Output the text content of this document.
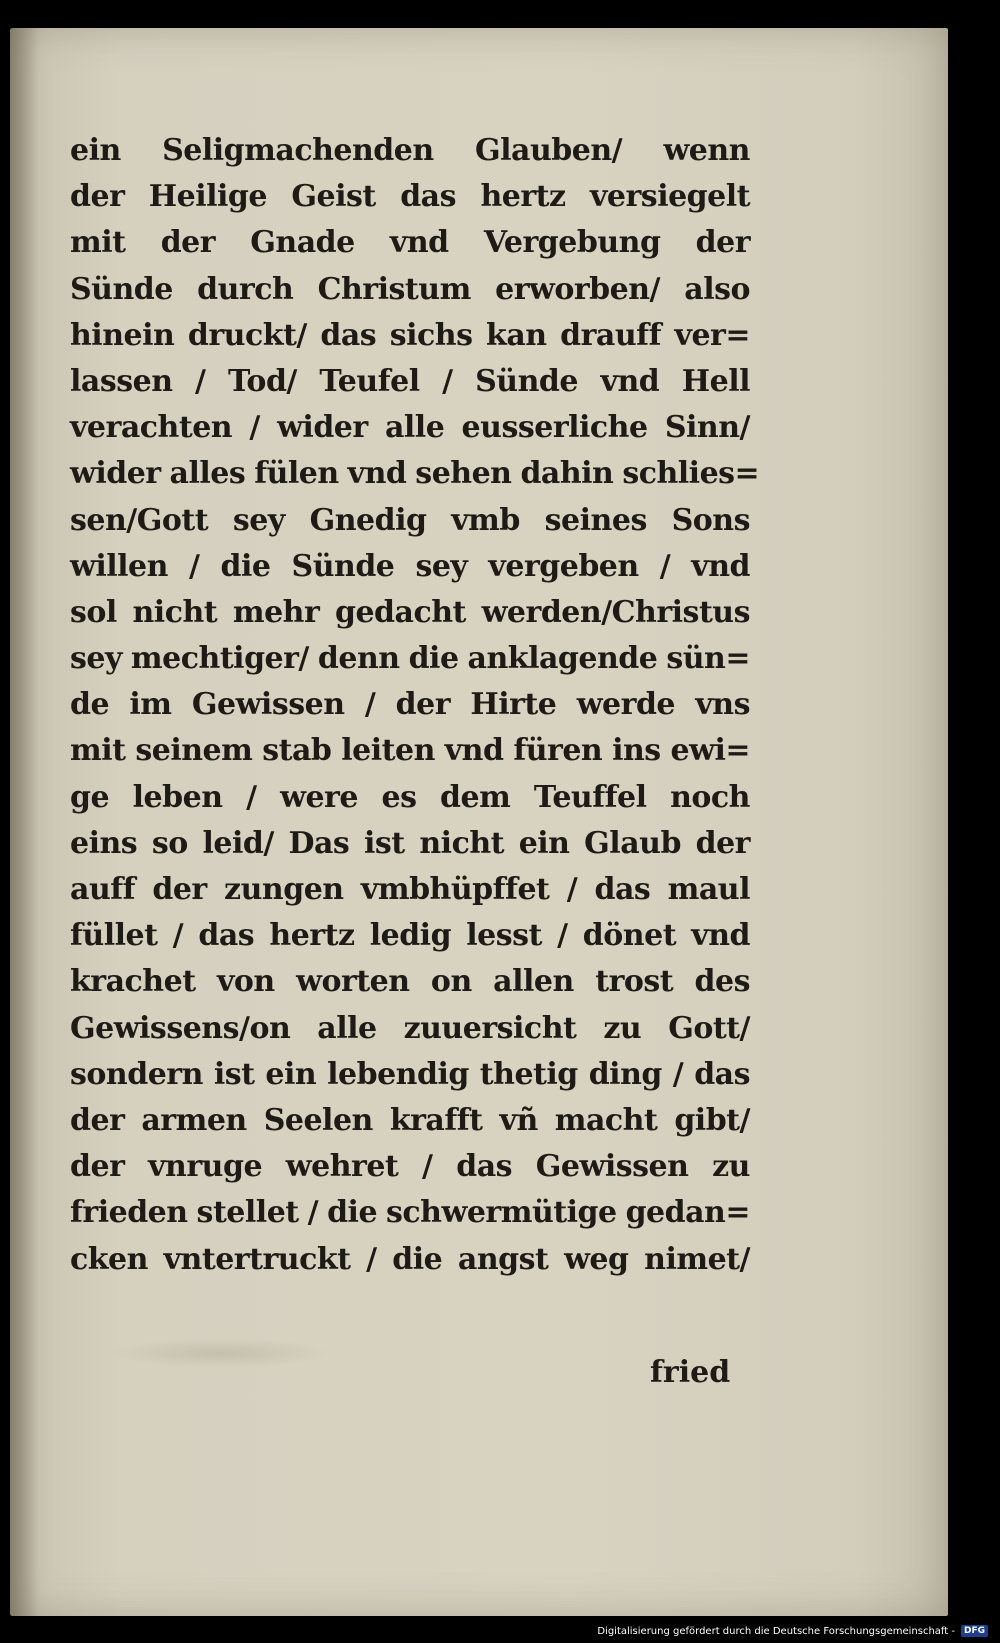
ein Seligmachenden Glauben/ wenn
der Heilige Geist das hertz versiegelt
mit der Gnade vnd Vergebung der
Sünde durch Christum erworben/ also
hinein druckt/ das sichs kan drauff ver=
lassen / Tod/ Teufel / Sünde vnd Hell
verachten / wider alle eusserliche Sinn/
wider alles fülen vnd sehen dahin schlies=
sen/Gott sey Gnedig vmb seines Sons
willen / die Sünde sey vergeben / vnd
sol nicht mehr gedacht werden/Christus
sey mechtiger/ denn die anklagende sün=
de im Gewissen / der Hirte werde vns
mit seinem stab leiten vnd füren ins ewi=
ge leben / were es dem Teuffel noch
eins so leid/ Das ist nicht ein Glaub der
auff der zungen vmbhüpffet / das maul
füllet / das hertz ledig lesst / dönet vnd
krachet von worten on allen trost des
Gewissens/on alle zuuersicht zu Gott/
sondern ist ein lebendig thetig ding / das
der armen Seelen krafft vñ macht gibt/
der vnruge wehret / das Gewissen zu
frieden stellet / die schwermütige gedan=
cken vntertruckt / die angst weg nimet/
fried
Digitalisierung gefördert durch die Deutsche Forschungsgemeinschaft -	DFG
